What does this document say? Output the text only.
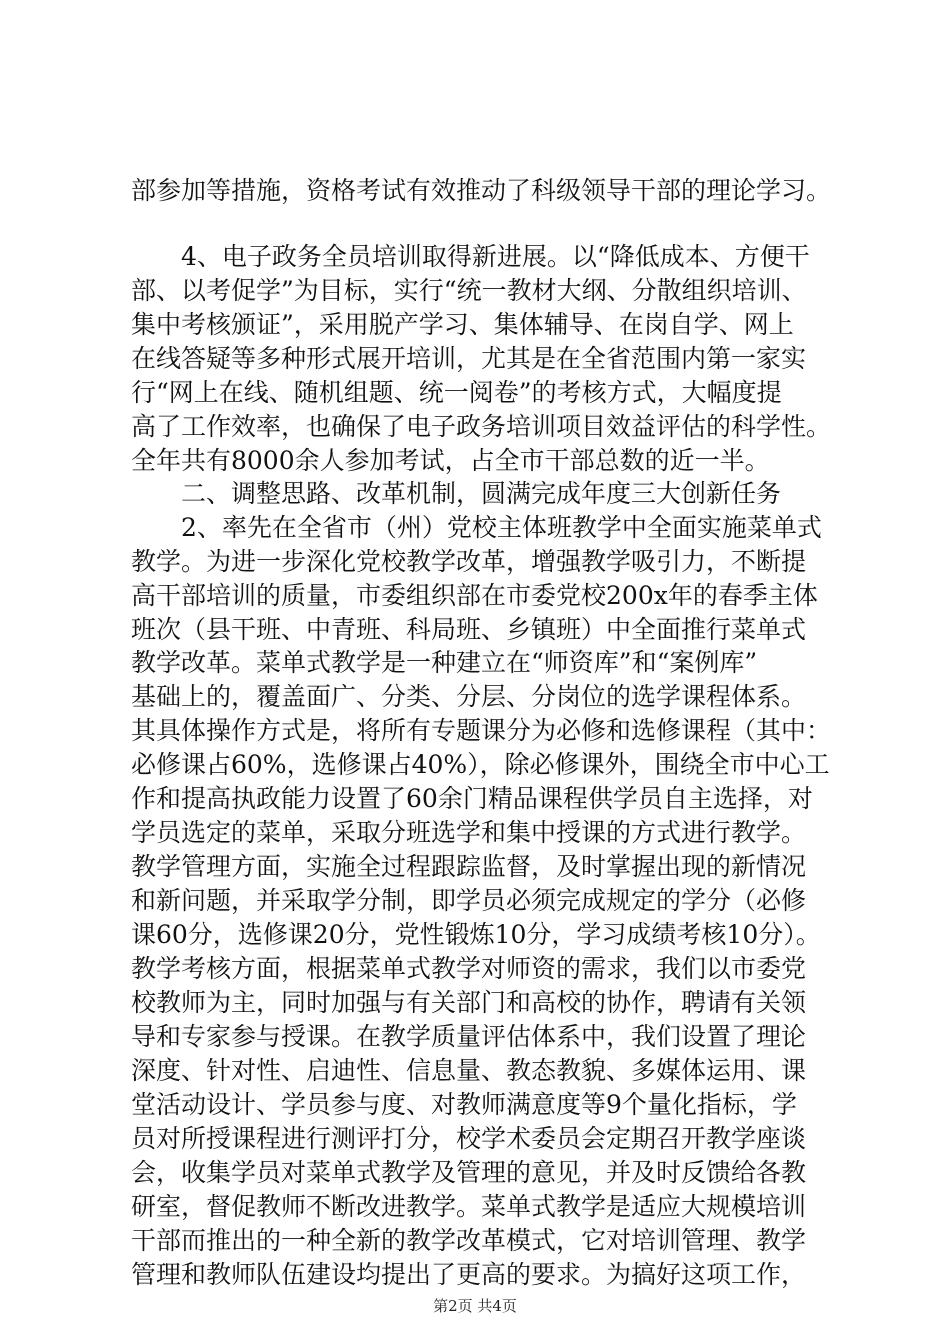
部参加等措施，资格考试有效推动了科级领导干部的理论学习。
　　4、电子政务全员培训取得新进展。以“降低成本、方便干
部、以考促学”为目标，实行“统一教材大纲、分散组织培训、
集中考核颁证”，采用脱产学习、集体辅导、在岗自学、网上
在线答疑等多种形式展开培训，尤其是在全省范围内第一家实
行“网上在线、随机组题、统一阅卷”的考核方式，大幅度提
高了工作效率，也确保了电子政务培训项目效益评估的科学性。
全年共有8000余人参加考试，占全市干部总数的近一半。
　　二、调整思路、改革机制，圆满完成年度三大创新任务
　　2、率先在全省市（州）党校主体班教学中全面实施菜单式
教学。为进一步深化党校教学改革，增强教学吸引力，不断提
高干部培训的质量，市委组织部在市委党校200x年的春季主体
班次（县干班、中青班、科局班、乡镇班）中全面推行菜单式
教学改革。菜单式教学是一种建立在“师资库”和“案例库”
基础上的，覆盖面广、分类、分层、分岗位的选学课程体系。
其具体操作方式是，将所有专题课分为必修和选修课程（其中：
必修课占60%，选修课占40%），除必修课外，围绕全市中心工
作和提高执政能力设置了60余门精品课程供学员自主选择，对
学员选定的菜单，采取分班选学和集中授课的方式进行教学。
教学管理方面，实施全过程跟踪监督，及时掌握出现的新情况
和新问题，并采取学分制，即学员必须完成规定的学分（必修
课60分，选修课20分，党性锻炼10分，学习成绩考核10分）。
教学考核方面，根据菜单式教学对师资的需求，我们以市委党
校教师为主，同时加强与有关部门和高校的协作，聘请有关领
导和专家参与授课。在教学质量评估体系中，我们设置了理论
深度、针对性、启迪性、信息量、教态教貌、多媒体运用、课
堂活动设计、学员参与度、对教师满意度等9个量化指标，学
员对所授课程进行测评打分，校学术委员会定期召开教学座谈
会，收集学员对菜单式教学及管理的意见，并及时反馈给各教
研室，督促教师不断改进教学。菜单式教学是适应大规模培训
干部而推出的一种全新的教学改革模式，它对培训管理、教学
管理和教师队伍建设均提出了更高的要求。为搞好这项工作，
第2页 共4页
